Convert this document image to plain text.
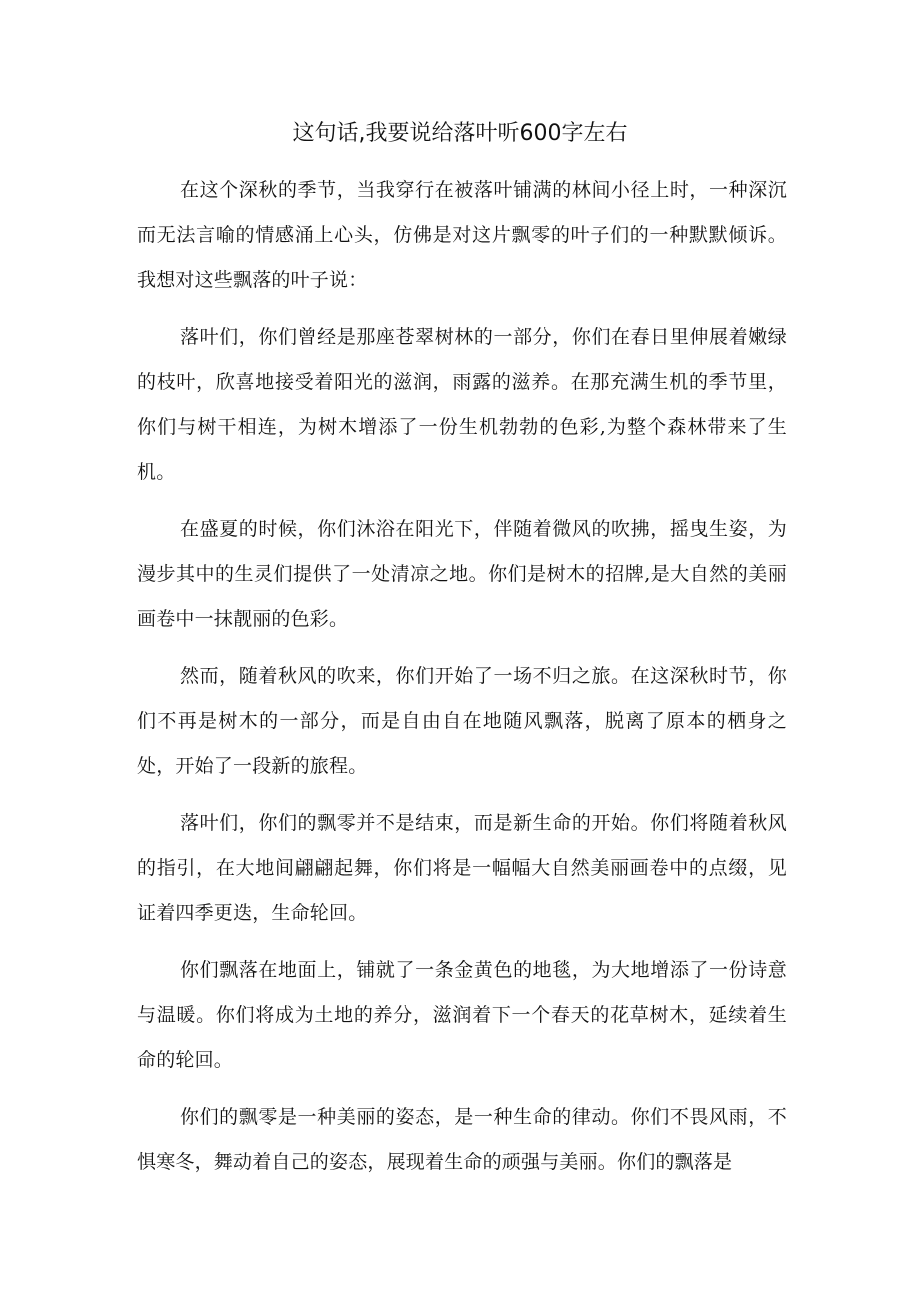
这句话,我要说给落叶听600字左右

在这个深秋的季节，当我穿行在被落叶铺满的林间小径上时，一种深沉而无法言喻的情感涌上心头，仿佛是对这片飘零的叶子们的一种默默倾诉。我想对这些飘落的叶子说：

落叶们，你们曾经是那座苍翠树林的一部分，你们在春日里伸展着嫩绿的枝叶，欣喜地接受着阳光的滋润，雨露的滋养。在那充满生机的季节里，你们与树干相连，为树木增添了一份生机勃勃的色彩,为整个森林带来了生机。

在盛夏的时候，你们沐浴在阳光下，伴随着微风的吹拂，摇曳生姿，为漫步其中的生灵们提供了一处清凉之地。你们是树木的招牌,是大自然的美丽画卷中一抹靓丽的色彩。

然而，随着秋风的吹来，你们开始了一场不归之旅。在这深秋时节，你们不再是树木的一部分，而是自由自在地随风飘落，脱离了原本的栖身之处，开始了一段新的旅程。

落叶们，你们的飘零并不是结束，而是新生命的开始。你们将随着秋风的指引，在大地间翩翩起舞，你们将是一幅幅大自然美丽画卷中的点缀，见证着四季更迭，生命轮回。

你们飘落在地面上，铺就了一条金黄色的地毯，为大地增添了一份诗意与温暖。你们将成为土地的养分，滋润着下一个春天的花草树木，延续着生命的轮回。

你们的飘零是一种美丽的姿态，是一种生命的律动。你们不畏风雨，不惧寒冬，舞动着自己的姿态，展现着生命的顽强与美丽。你们的飘落是
